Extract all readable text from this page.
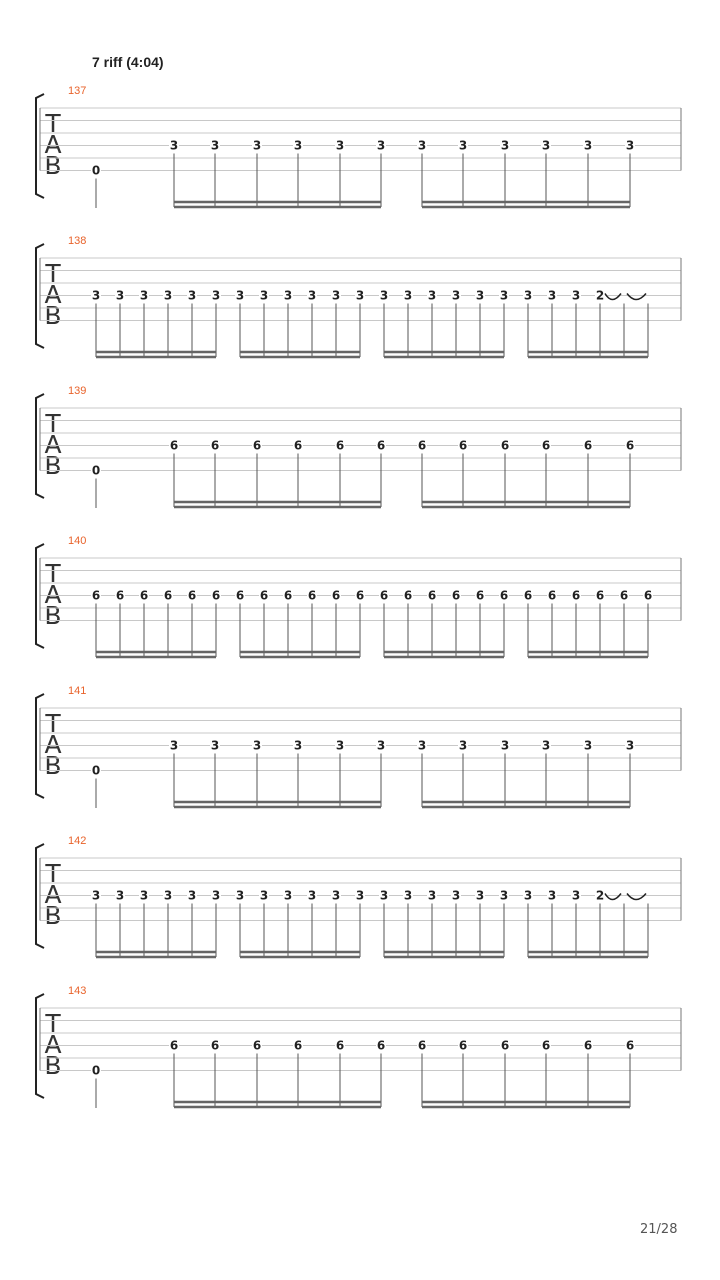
7 riff (4:04)
137
T
A
B	0
3	3	3	3	3	3	3	3	3	3	3	3
138
T
A
B
3 3 3 3 3 3 3 3 3 3 3 3 3 3 3 3 3 3 3 3 3 2
139
T
A
B	0
6	6	6	6	6	6	6	6	6	6	6	6
140
T
A
B
6 6 6 6 6 6 6 6 6 6 6 6 6 6 6 6 6 6 6 6 6 6 6 6
141
T
A
B	0
3	3	3	3	3	3	3	3	3	3	3	3
142
T
A
B
3 3 3 3 3 3 3 3 3 3 3 3 3 3 3 3 3 3 3 3 3 2
143
T
A
B	0
6	6	6	6	6	6	6	6	6	6	6	6
21/28
